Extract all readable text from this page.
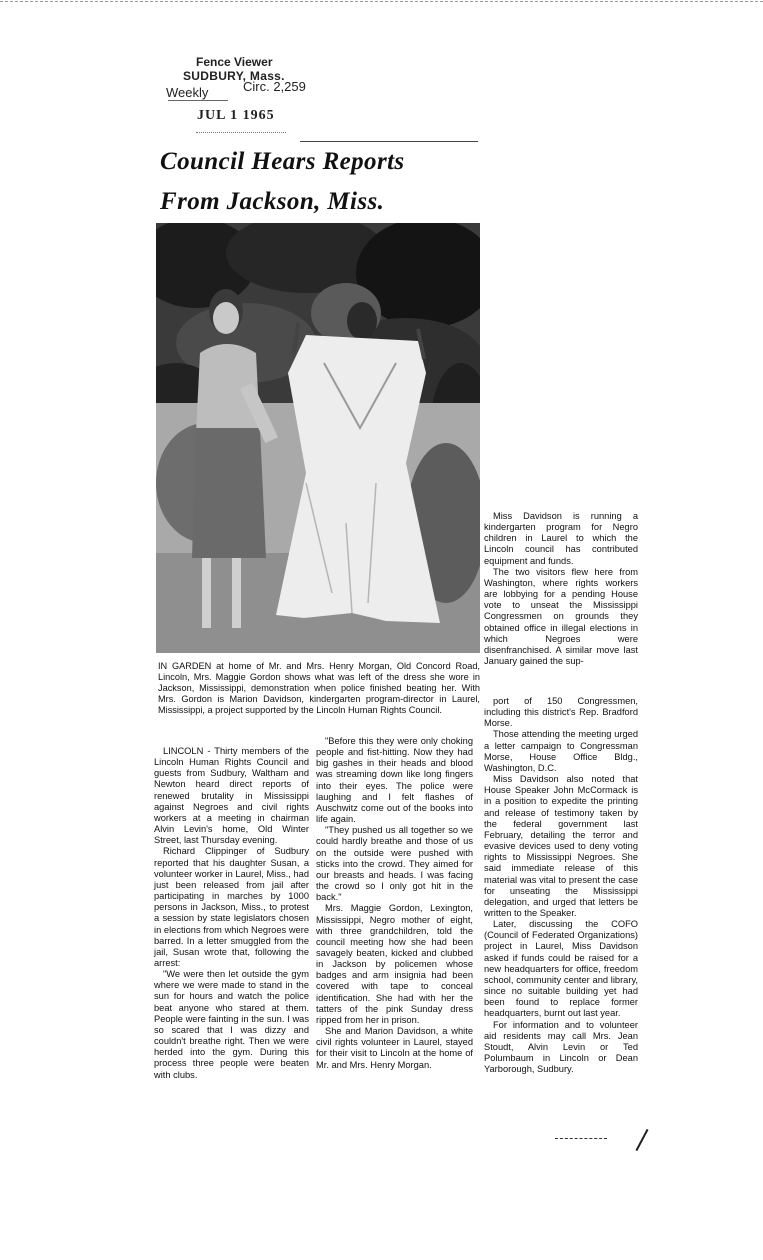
Fence Viewer
SUDBURY, Mass.
Weekly	Circ. 2,259
JUL 1 1965
Council Hears Reports
From Jackson, Miss.

IN GARDEN at home of Mr. and Mrs. Henry Morgan, Old Concord Road, Lincoln, Mrs. Maggie Gordon shows what was left of the dress she wore in Jackson, Mississippi, demonstration when police finished beating her. With Mrs. Gordon is Marion Davidson, kindergarten program-director in Laurel, Mississippi, a project supported by the Lincoln Human Rights Council.

LINCOLN - Thirty members of the Lincoln Human Rights Council and guests from Sudbury, Waltham and Newton heard direct reports of renewed brutality in Mississippi against Negroes and civil rights workers at a meeting in chairman Alvin Levin's home, Old Winter Street, last Thursday evening.

Richard Clippinger of Sudbury reported that his daughter Susan, a volunteer worker in Laurel, Miss., had just been released from jail after participating in marches by 1000 persons in Jackson, Miss., to protest a session by state legislators chosen in elections from which Negroes were barred. In a letter smuggled from the jail, Susan wrote that, following the arrest:

"We were then let outside the gym where we were made to stand in the sun for hours and watch the police beat anyone who stared at them. People were fainting in the sun. I was so scared that I was dizzy and couldn't breathe right. Then we were herded into the gym. During this process three people were beaten with clubs.

"Before this they were only choking people and fist-hitting. Now they had big gashes in their heads and blood was streaming down like long fingers into their eyes. The police were laughing and I felt flashes of Auschwitz come out of the books into life again.

"They pushed us all together so we could hardly breathe and those of us on the outside were pushed with sticks into the crowd. They aimed for our breasts and heads. I was facing the crowd so I only got hit in the back."

Mrs. Maggie Gordon, Lexington, Mississippi, Negro mother of eight, with three grandchildren, told the council meeting how she had been savagely beaten, kicked and clubbed in Jackson by policemen whose badges and arm insignia had been covered with tape to conceal identification. She had with her the tatters of the pink Sunday dress ripped from her in prison.

She and Marion Davidson, a white civil rights volunteer in Laurel, stayed for their visit to Lincoln at the home of Mr. and Mrs. Henry Morgan.

Miss Davidson is running a kindergarten program for Negro children in Laurel to which the Lincoln council has contributed equipment and funds.

The two visitors flew here from Washington, where rights workers are lobbying for a pending House vote to unseat the Mississippi Congressmen on grounds they obtained office in illegal elections in which Negroes were disenfranchised. A similar move last January gained the sup-

port of 150 Congressmen, including this district's Rep. Bradford Morse.

Those attending the meeting urged a letter campaign to Congressman Morse, House Office Bldg., Washington, D.C.

Miss Davidson also noted that House Speaker John McCormack is in a position to expedite the printing and release of testimony taken by the federal government last February, detailing the terror and evasive devices used to deny voting rights to Mississippi Negroes. She said immediate release of this material was vital to present the case for unseating the Mississippi delegation, and urged that letters be written to the Speaker.

Later, discussing the COFO (Council of Federated Organizations) project in Laurel, Miss Davidson asked if funds could be raised for a new headquarters for office, freedom school, community center and library, since no suitable building yet had been found to replace former headquarters, burnt out last year.

For information and to volunteer aid residents may call Mrs. Jean Stoudt, Alvin Levin or Ted Polumbaum in Lincoln or Dean Yarborough, Sudbury.
